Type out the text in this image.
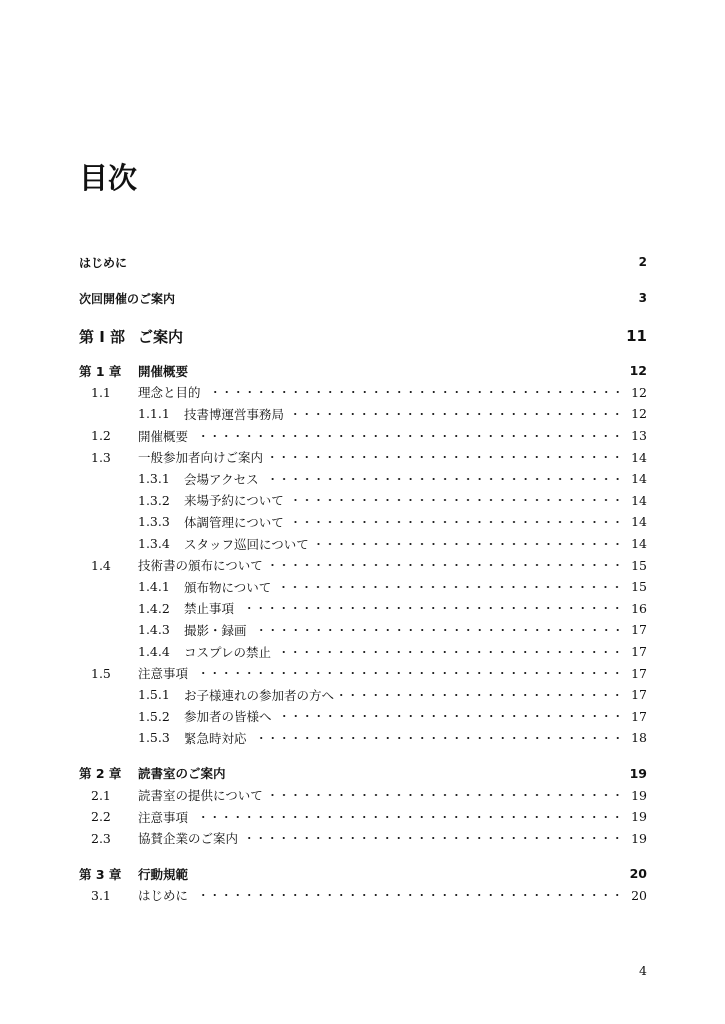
目次
はじめに	2
次回開催のご案内	3
第 I 部 ご案内	11
第 1 章	開催概要	12
1.1	理念と目的	12
1.1.1	技書博運営事務局	12
1.2	開催概要	13
1.3	一般参加者向けご案内	14
1.3.1	会場アクセス	14
1.3.2	来場予約について	14
1.3.3	体調管理について	14
1.3.4	スタッフ巡回について	14
1.4	技術書の頒布について	15
1.4.1	頒布物について	15
1.4.2	禁止事項	16
1.4.3	撮影・録画	17
1.4.4	コスプレの禁止	17
1.5	注意事項	17
1.5.1	お子様連れの参加者の方へ	17
1.5.2	参加者の皆様へ	17
1.5.3	緊急時対応	18
第 2 章	読書室のご案内	19
2.1	読書室の提供について	19
2.2	注意事項	19
2.3	協賛企業のご案内	19
第 3 章	行動規範	20
3.1	はじめに	20
4
